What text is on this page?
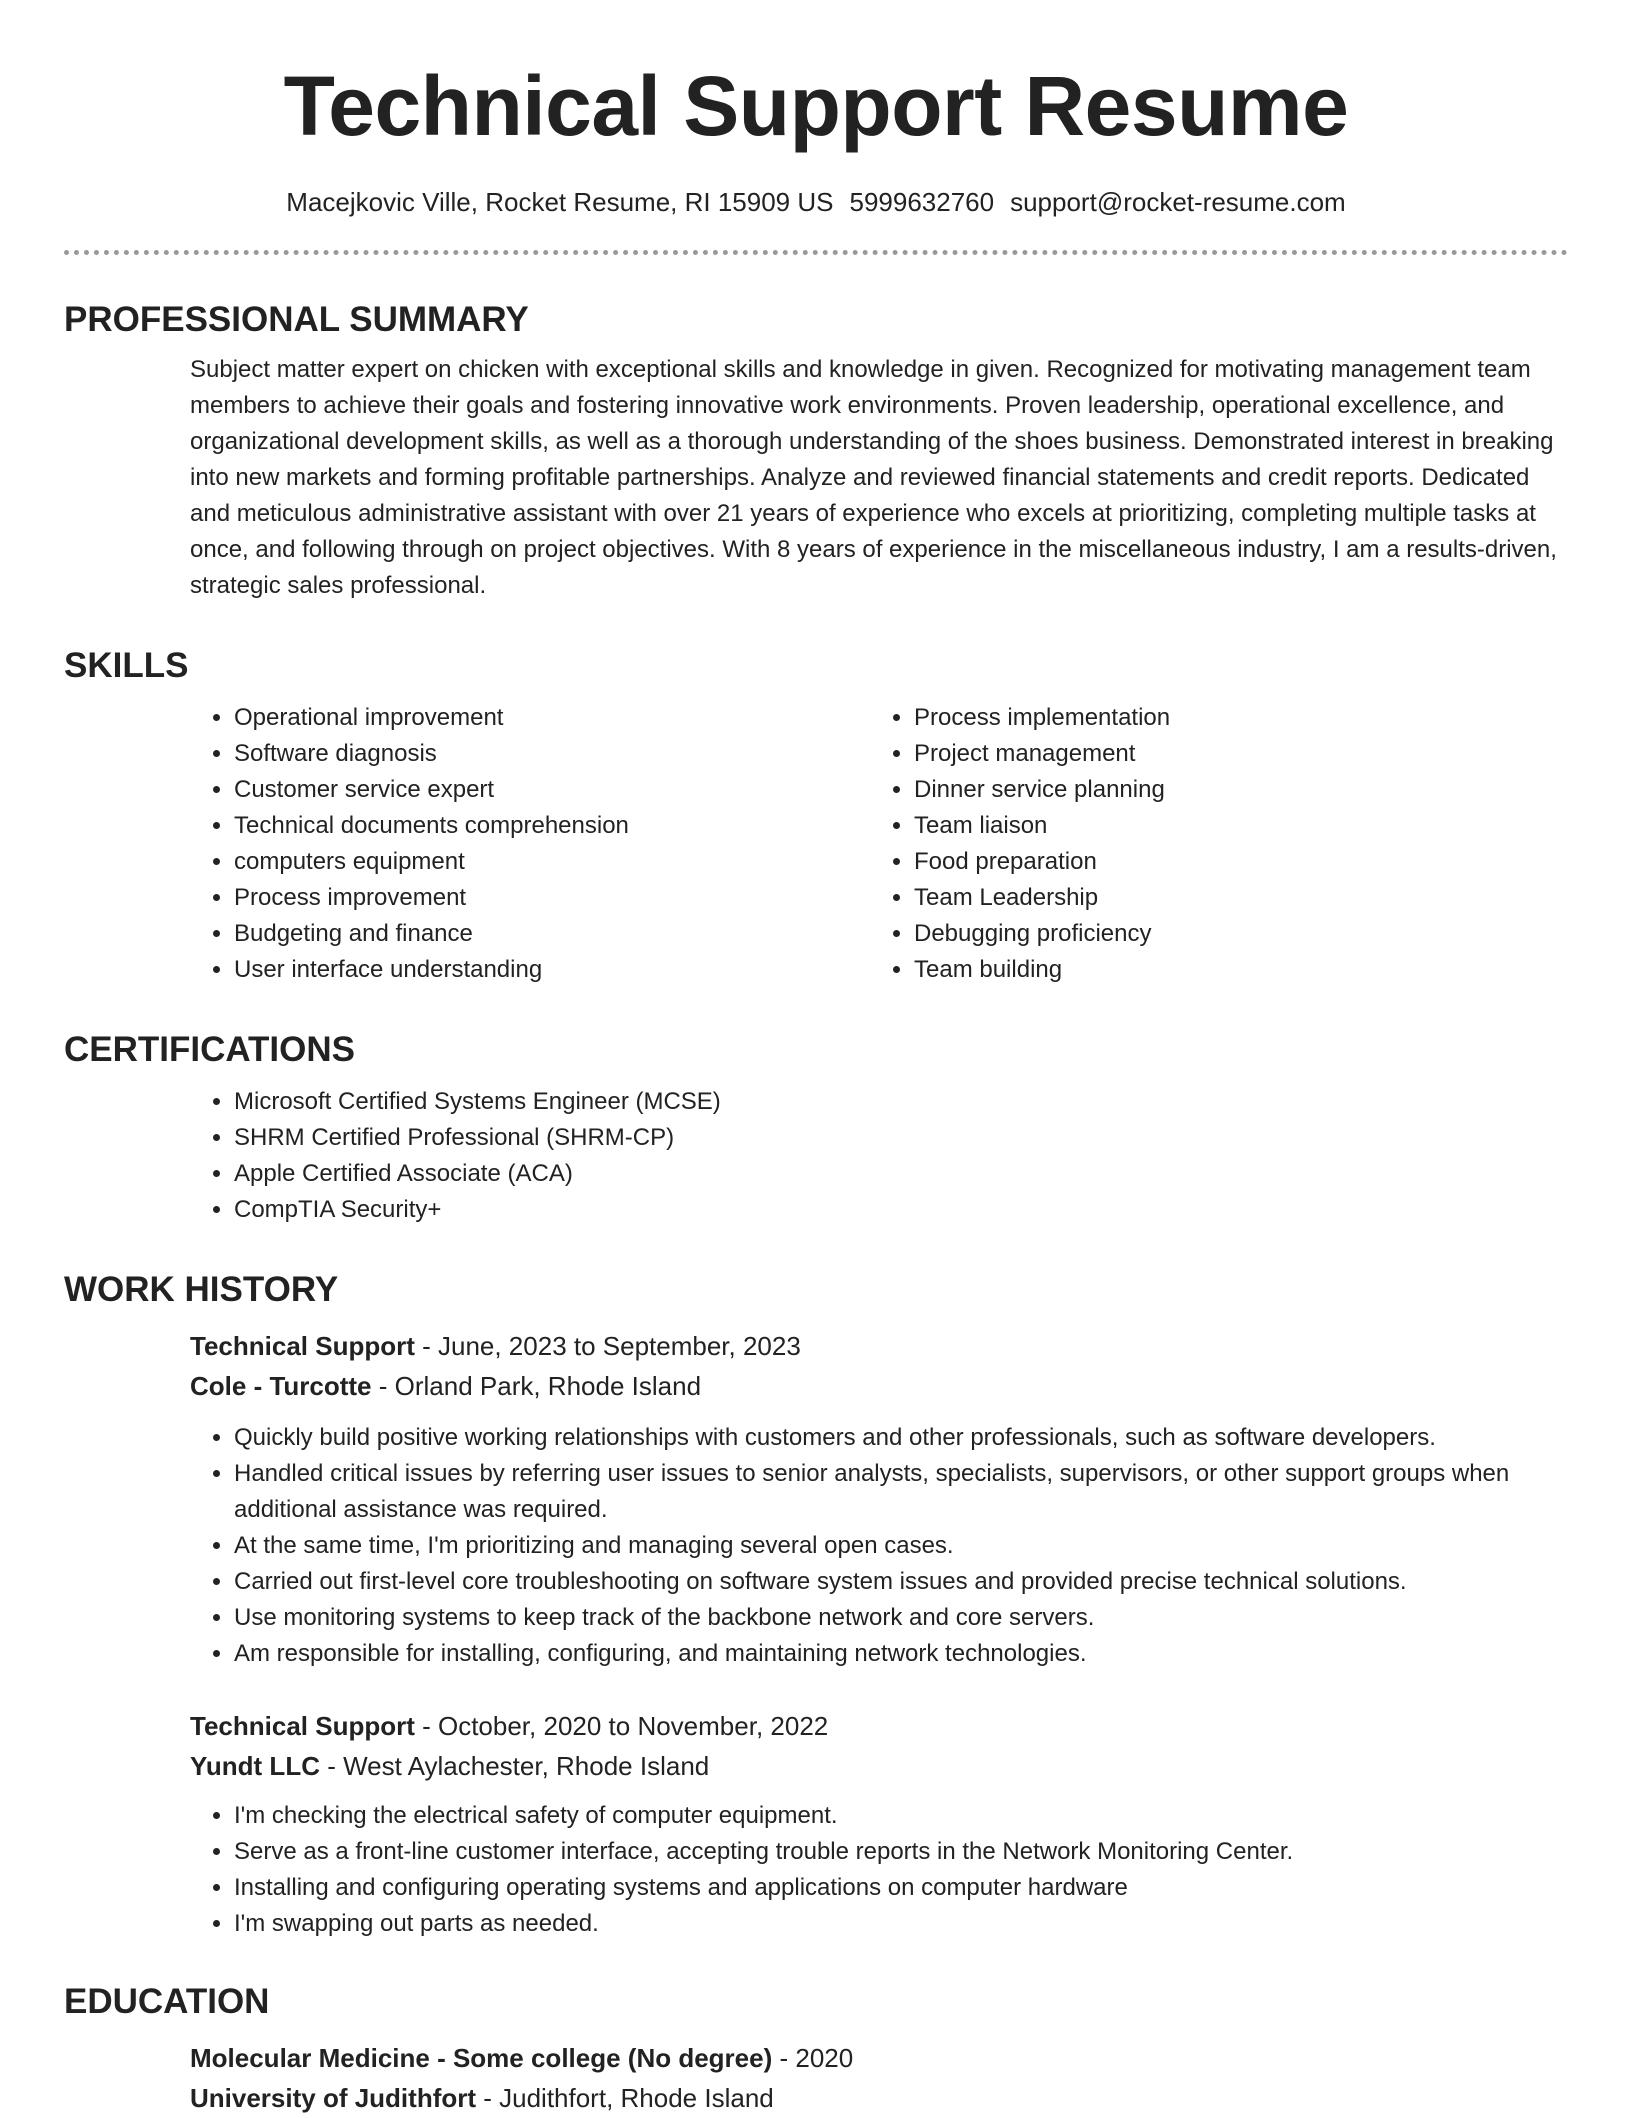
Technical Support Resume
Macejkovic Ville, Rocket Resume, RI 15909 US 5999632760 support@rocket-resume.com
PROFESSIONAL SUMMARY

Subject matter expert on chicken with exceptional skills and knowledge in given. Recognized for motivating management team members to achieve their goals and fostering innovative work environments. Proven leadership, operational excellence, and organizational development skills, as well as a thorough understanding of the shoes business. Demonstrated interest in breaking into new markets and forming profitable partnerships. Analyze and reviewed financial statements and credit reports. Dedicated and meticulous administrative assistant with over 21 years of experience who excels at prioritizing, completing multiple tasks at once, and following through on project objectives. With 8 years of experience in the miscellaneous industry, I am a results-driven, strategic sales professional.

SKILLS
• Operational improvement
• Software diagnosis
• Customer service expert
• Technical documents comprehension
• computers equipment
• Process improvement
• Budgeting and finance
• User interface understanding
• Process implementation
• Project management
• Dinner service planning
• Team liaison
• Food preparation
• Team Leadership
• Debugging proficiency
• Team building
CERTIFICATIONS
• Microsoft Certified Systems Engineer (MCSE)
• SHRM Certified Professional (SHRM-CP)
• Apple Certified Associate (ACA)
• CompTIA Security+
WORK HISTORY
Technical Support - June, 2023 to September, 2023
Cole - Turcotte - Orland Park, Rhode Island
• Quickly build positive working relationships with customers and other professionals, such as software developers.
• Handled critical issues by referring user issues to senior analysts, specialists, supervisors, or other support groups when additional assistance was required.
• At the same time, I'm prioritizing and managing several open cases.
• Carried out first-level core troubleshooting on software system issues and provided precise technical solutions.
• Use monitoring systems to keep track of the backbone network and core servers.
• Am responsible for installing, configuring, and maintaining network technologies.
Technical Support - October, 2020 to November, 2022
Yundt LLC - West Aylachester, Rhode Island
• I'm checking the electrical safety of computer equipment.
• Serve as a front-line customer interface, accepting trouble reports in the Network Monitoring Center.
• Installing and configuring operating systems and applications on computer hardware
• I'm swapping out parts as needed.
EDUCATION
Molecular Medicine - Some college (No degree) - 2020
University of Judithfort - Judithfort, Rhode Island
